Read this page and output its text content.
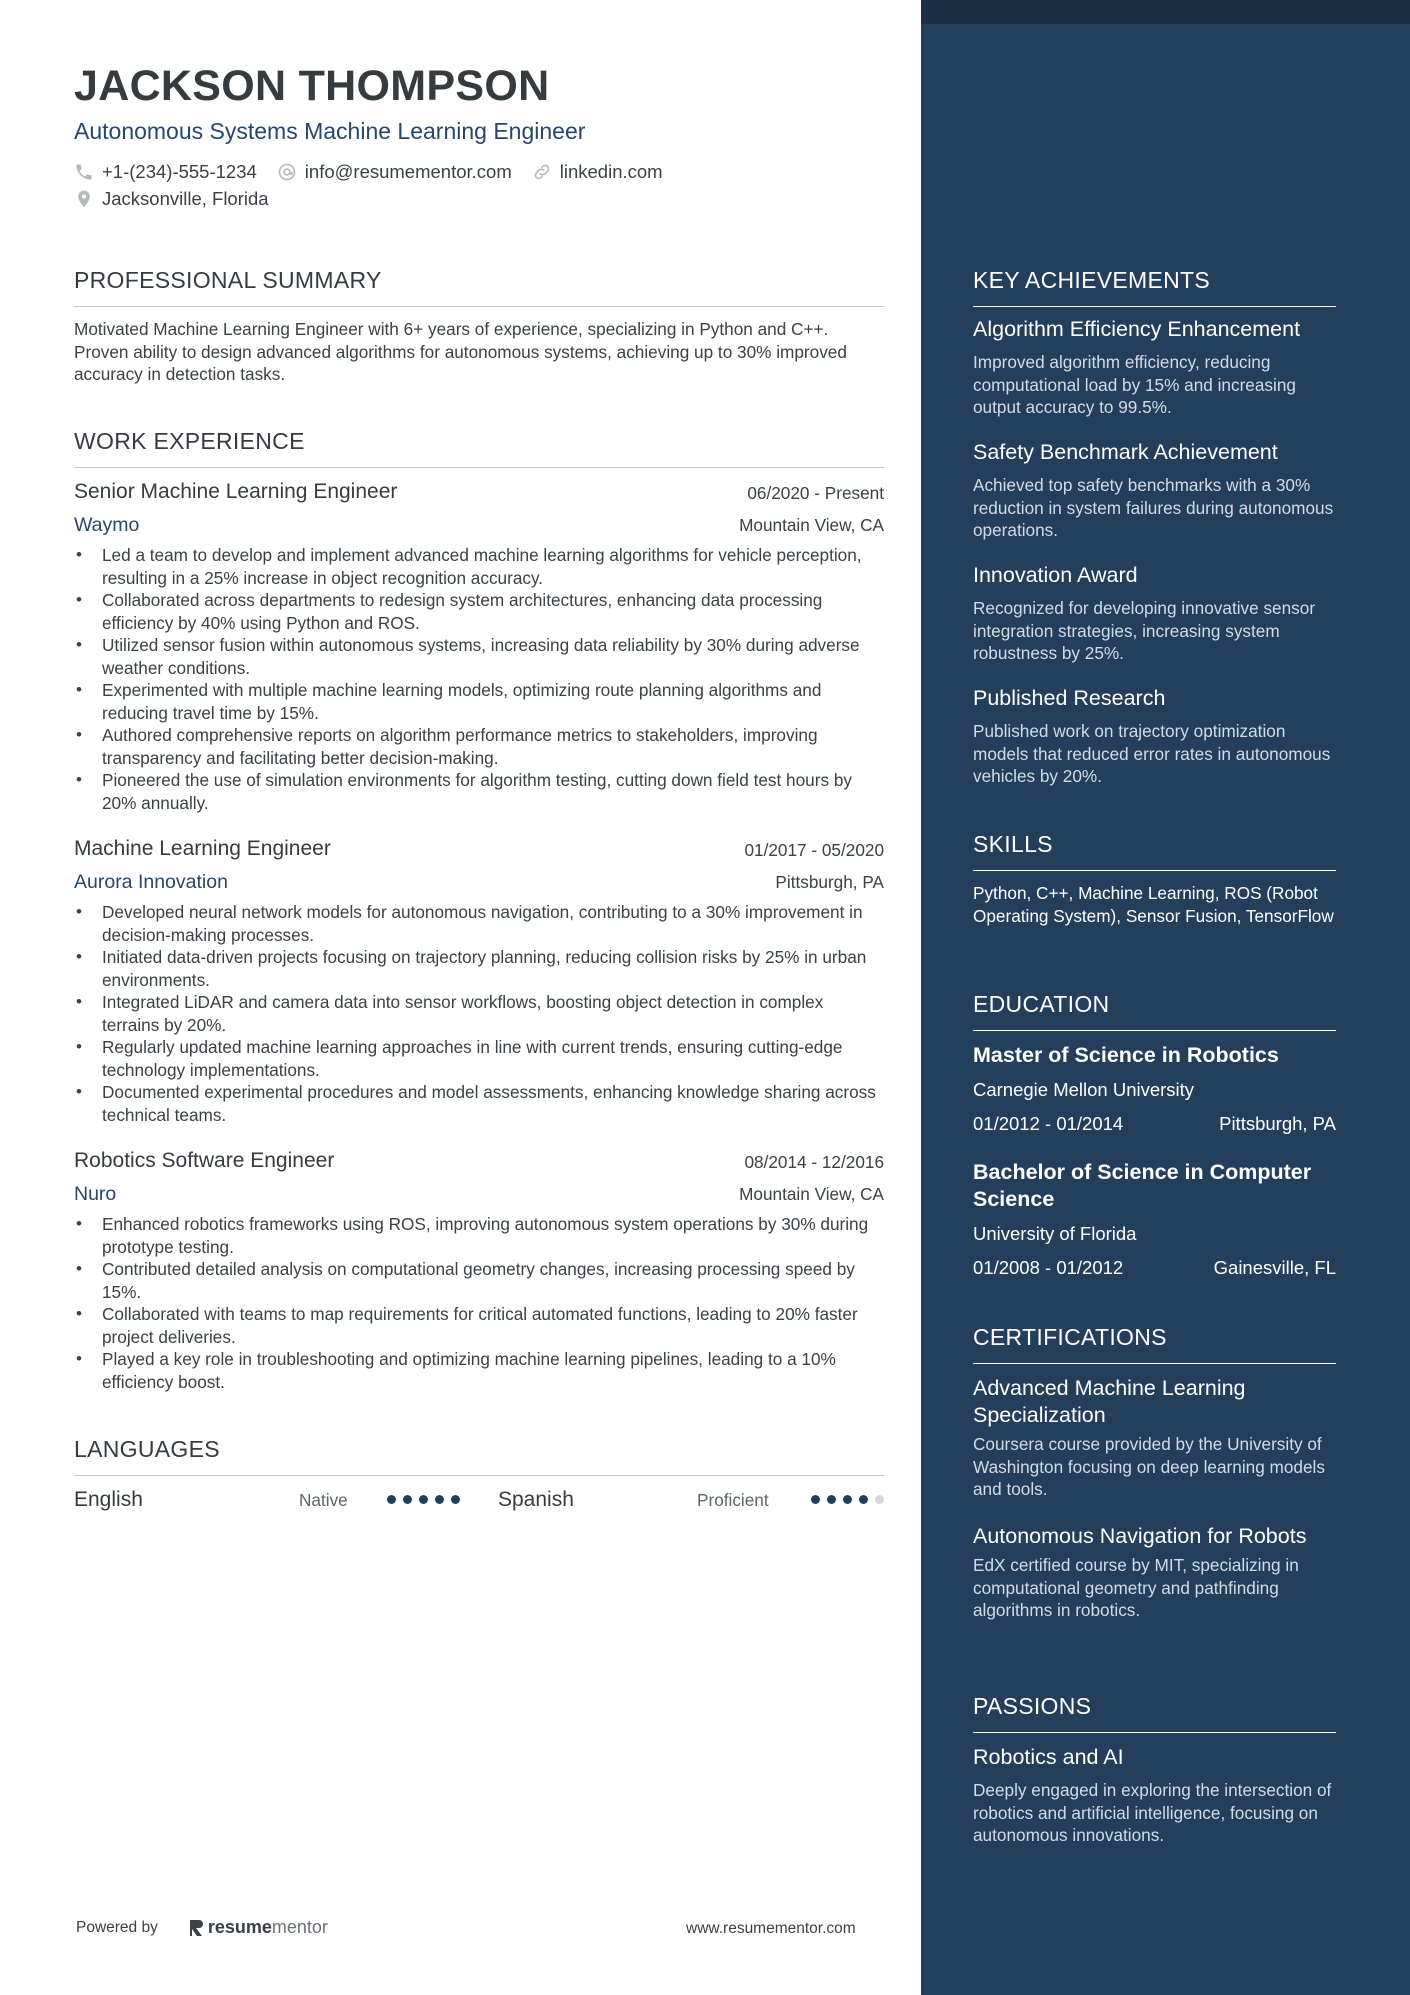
JACKSON THOMPSON
Autonomous Systems Machine Learning Engineer
+1-(234)-555-1234	info@resumementor.com	linkedin.com
Jacksonville, Florida
PROFESSIONAL SUMMARY
Motivated Machine Learning Engineer with 6+ years of experience, specializing in Python and C++. Proven ability to design advanced algorithms for autonomous systems, achieving up to 30% improved accuracy in detection tasks.
WORK EXPERIENCE
Senior Machine Learning Engineer	06/2020 - Present
Waymo	Mountain View, CA
• Led a team to develop and implement advanced machine learning algorithms for vehicle perception, resulting in a 25% increase in object recognition accuracy.
• Collaborated across departments to redesign system architectures, enhancing data processing efficiency by 40% using Python and ROS.
• Utilized sensor fusion within autonomous systems, increasing data reliability by 30% during adverse weather conditions.
• Experimented with multiple machine learning models, optimizing route planning algorithms and reducing travel time by 15%.
• Authored comprehensive reports on algorithm performance metrics to stakeholders, improving transparency and facilitating better decision-making.
• Pioneered the use of simulation environments for algorithm testing, cutting down field test hours by 20% annually.
Machine Learning Engineer	01/2017 - 05/2020
Aurora Innovation	Pittsburgh, PA
• Developed neural network models for autonomous navigation, contributing to a 30% improvement in decision-making processes.
• Initiated data-driven projects focusing on trajectory planning, reducing collision risks by 25% in urban environments.
• Integrated LiDAR and camera data into sensor workflows, boosting object detection in complex terrains by 20%.
• Regularly updated machine learning approaches in line with current trends, ensuring cutting-edge technology implementations.
• Documented experimental procedures and model assessments, enhancing knowledge sharing across technical teams.
Robotics Software Engineer	08/2014 - 12/2016
Nuro	Mountain View, CA
• Enhanced robotics frameworks using ROS, improving autonomous system operations by 30% during prototype testing.
• Contributed detailed analysis on computational geometry changes, increasing processing speed by 15%.
• Collaborated with teams to map requirements for critical automated functions, leading to 20% faster project deliveries.
• Played a key role in troubleshooting and optimizing machine learning pipelines, leading to a 10% efficiency boost.
LANGUAGES
English	Native	Spanish	Proficient
Powered by	resume mentor	www.resumementor.com
KEY ACHIEVEMENTS
Algorithm Efficiency Enhancement
Improved algorithm efficiency, reducing computational load by 15% and increasing output accuracy to 99.5%.
Safety Benchmark Achievement
Achieved top safety benchmarks with a 30% reduction in system failures during autonomous operations.
Innovation Award
Recognized for developing innovative sensor integration strategies, increasing system robustness by 25%.
Published Research
Published work on trajectory optimization models that reduced error rates in autonomous vehicles by 20%.
SKILLS
Python, C++, Machine Learning, ROS (Robot Operating System), Sensor Fusion, TensorFlow
EDUCATION
Master of Science in Robotics
Carnegie Mellon University
01/2012 - 01/2014	Pittsburgh, PA
Bachelor of Science in Computer Science
University of Florida
01/2008 - 01/2012	Gainesville, FL
CERTIFICATIONS
Advanced Machine Learning Specialization
Coursera course provided by the University of Washington focusing on deep learning models and tools.
Autonomous Navigation for Robots
EdX certified course by MIT, specializing in computational geometry and pathfinding algorithms in robotics.
PASSIONS
Robotics and AI
Deeply engaged in exploring the intersection of robotics and artificial intelligence, focusing on autonomous innovations.
